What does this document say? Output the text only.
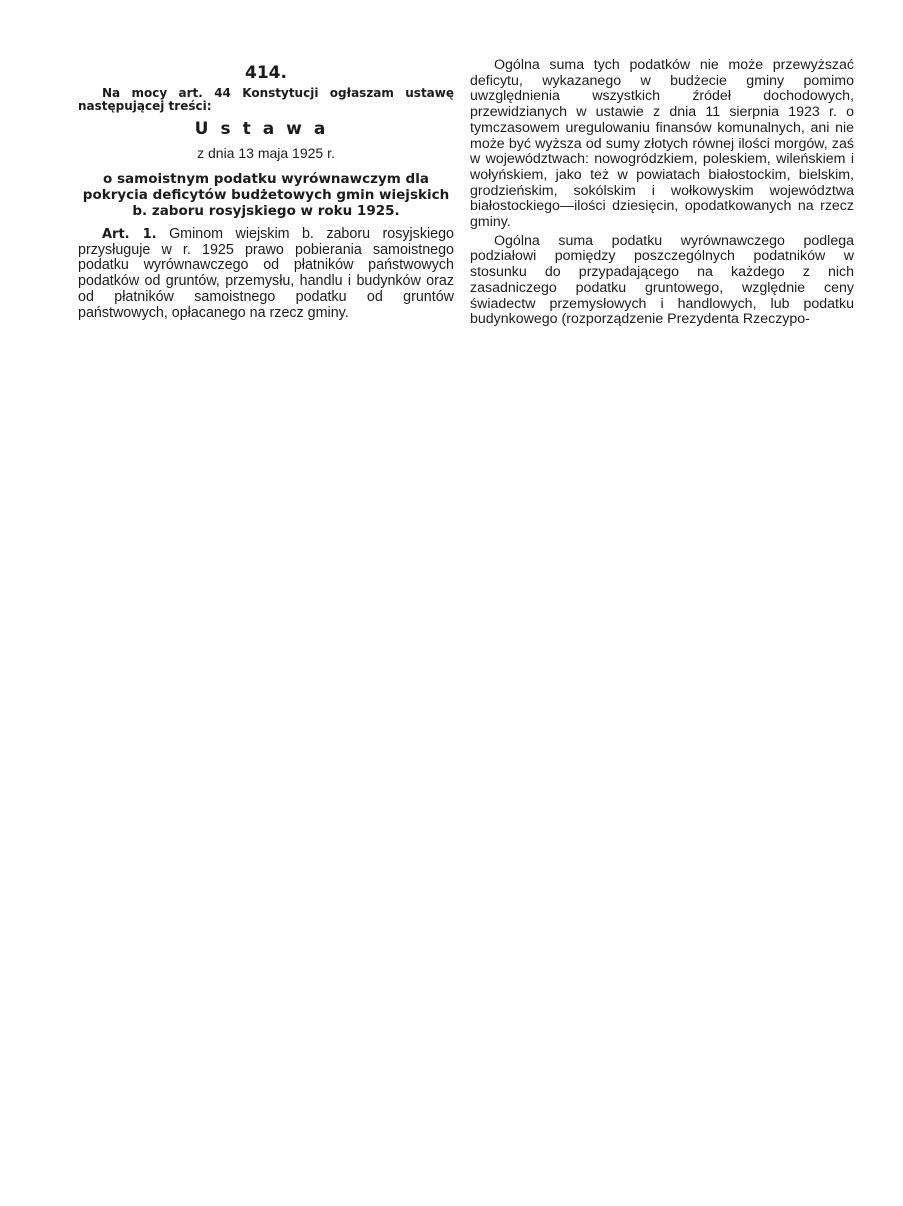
414.

Na mocy art. 44 Konstytucji ogłaszam ustawę następującej treści:

Ustawa
z dnia 13 maja 1925 r.
o samoistnym podatku wyrównawczym dla pokrycia deficytów budżetowych gmin wiejskich b. zaboru rosyjskiego w roku 1925.

Art. 1. Gminom wiejskim b. zaboru rosyjskiego przysługuje w r. 1925 prawo pobierania samoistnego podatku wyrównawczego od płatników państwowych podatków od gruntów, przemysłu, handlu i budynków oraz od płatników samoistnego podatku od gruntów państwowych, opłacanego na rzecz gminy.

Ogólna suma tych podatków nie może przewyższać deficytu, wykazanego w budżecie gminy pomimo uwzględnienia wszystkich źródeł dochodowych, przewidzianych w ustawie z dnia 11 sierpnia 1923 r. o tymczasowem uregulowaniu finansów komunalnych, ani nie może być wyższa od sumy złotych równej ilości morgów, zaś w województwach: nowogródzkiem, poleskiem, wileńskiem i wołyńskiem, jako też w powiatach białostockim, bielskim, grodzieńskim, sokólskim i wołkowyskim województwa białostockiego—ilości dziesięcin, opodatkowanych na rzecz gminy.

Ogólna suma podatku wyrównawczego podlega podziałowi pomiędzy poszczególnych podatników w stosunku do przypadającego na każdego z nich zasadniczego podatku gruntowego, względnie ceny świadectw przemysłowych i handlowych, lub podatku budynkowego (rozporządzenie Prezydenta Rzeczypo-
